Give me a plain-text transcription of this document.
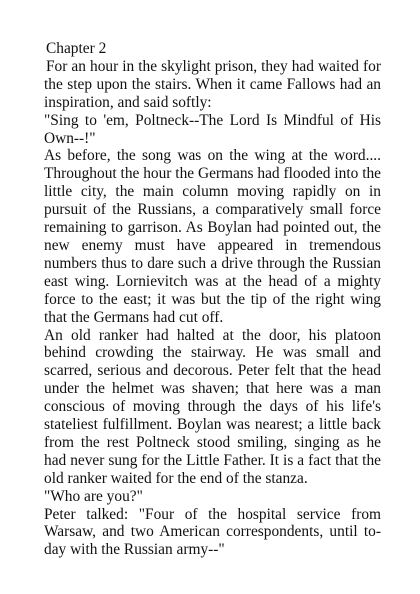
Chapter 2

For an hour in the skylight prison, they had waited for the step upon the stairs. When it came Fallows had an inspiration, and said softly:

"Sing to 'em, Poltneck--The Lord Is Mindful of His Own--!"

As before, the song was on the wing at the word.... Throughout the hour the Germans had flooded into the little city, the main column moving rapidly on in pursuit of the Russians, a comparatively small force remaining to garrison. As Boylan had pointed out, the new enemy must have appeared in tremendous numbers thus to dare such a drive through the Russian east wing. Lornievitch was at the head of a mighty force to the east; it was but the tip of the right wing that the Germans had cut off.

An old ranker had halted at the door, his platoon behind crowding the stairway. He was small and scarred, serious and decorous. Peter felt that the head under the helmet was shaven; that here was a man conscious of moving through the days of his life's stateliest fulfillment. Boylan was nearest; a little back from the rest Poltneck stood smiling, singing as he had never sung for the Little Father. It is a fact that the old ranker waited for the end of the stanza.

"Who are you?"

Peter talked: "Four of the hospital service from Warsaw, and two American correspondents, until to-day with the Russian army--"
